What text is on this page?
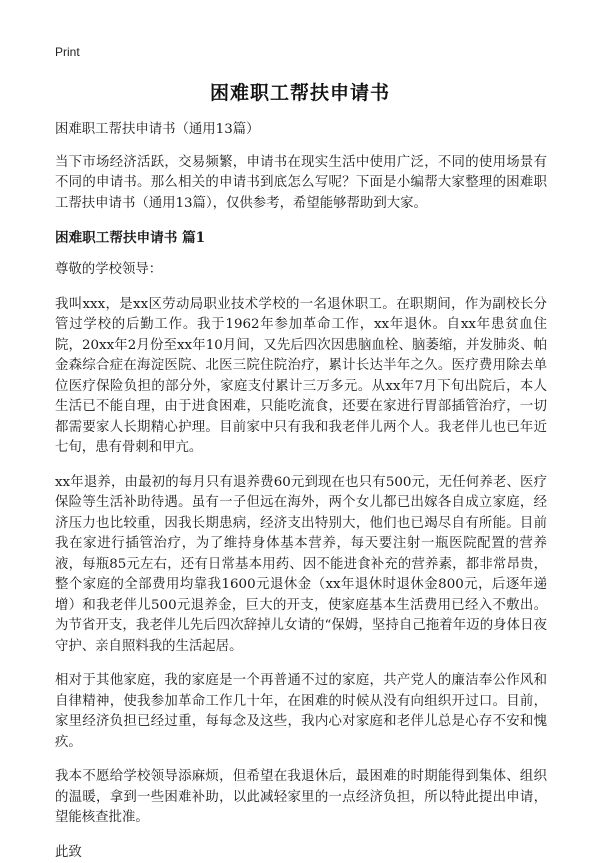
Print
困难职工帮扶申请书

困难职工帮扶申请书（通用13篇）

当下市场经济活跃，交易频繁，申请书在现实生活中使用广泛，不同的使用场景有不同的申请书。那么相关的申请书到底怎么写呢？下面是小编帮大家整理的困难职工帮扶申请书（通用13篇），仅供参考，希望能够帮助到大家。

困难职工帮扶申请书 篇1

尊敬的学校领导：

我叫xxx，是xx区劳动局职业技术学校的一名退休职工。在职期间，作为副校长分管过学校的后勤工作。我于1962年参加革命工作，xx年退休。自xx年患贫血住院，20xx年2月份至xx年10月间，又先后四次因患脑血栓、脑萎缩，并发肺炎、帕金森综合症在海淀医院、北医三院住院治疗，累计长达半年之久。医疗费用除去单位医疗保险负担的部分外，家庭支付累计三万多元。从xx年7月下旬出院后，本人生活已不能自理，由于进食困难，只能吃流食，还要在家进行胃部插管治疗，一切都需要家人长期精心护理。目前家中只有我和我老伴儿两个人。我老伴儿也已年近七旬，患有骨刺和甲亢。

xx年退养，由最初的每月只有退养费60元到现在也只有500元，无任何养老、医疗保险等生活补助待遇。虽有一子但远在海外，两个女儿都已出嫁各自成立家庭，经济压力也比较重，因我长期患病，经济支出特别大，他们也已竭尽自有所能。目前我在家进行插管治疗，为了维持身体基本营养，每天要注射一瓶医院配置的营养液，每瓶85元左右，还有日常基本用药、因不能进食补充的营养素，都非常昂贵，整个家庭的全部费用均靠我1600元退休金（xx年退休时退休金800元，后逐年递增）和我老伴儿500元退养金，巨大的开支，使家庭基本生活费用已经入不敷出。为节省开支，我老伴儿先后四次辞掉儿女请的“保姆，坚持自己拖着年迈的身体日夜守护、亲自照料我的生活起居。

相对于其他家庭，我的家庭是一个再普通不过的家庭，共产党人的廉洁奉公作风和自律精神，使我参加革命工作几十年，在困难的时候从没有向组织开过口。目前，家里经济负担已经过重，每每念及这些，我内心对家庭和老伴儿总是心存不安和愧疚。

我本不愿给学校领导添麻烦，但希望在我退休后，最困难的时期能得到集体、组织的温暖，拿到一些困难补助，以此减轻家里的一点经济负担，所以特此提出申请，望能核查批准。

此致
